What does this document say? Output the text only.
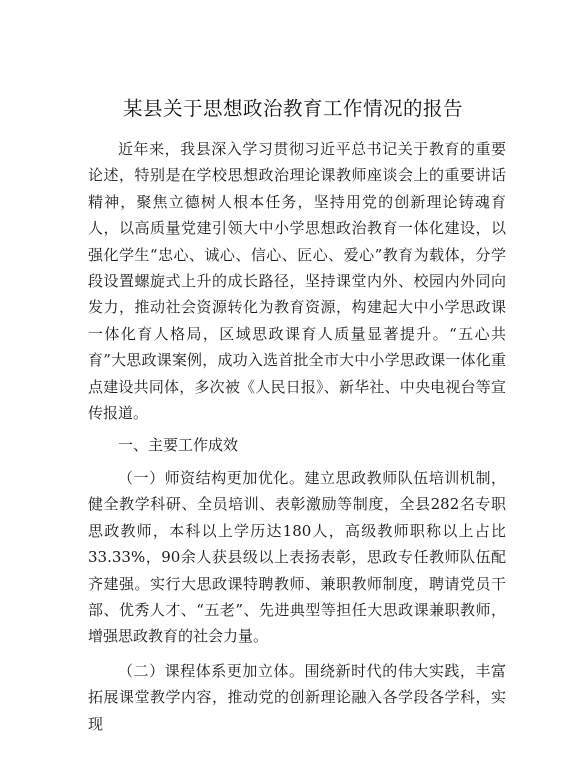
某县关于思想政治教育工作情况的报告

近年来，我县深入学习贯彻习近平总书记关于教育的重要论述，特别是在学校思想政治理论课教师座谈会上的重要讲话精神，聚焦立德树人根本任务，坚持用党的创新理论铸魂育人，以高质量党建引领大中小学思想政治教育一体化建设，以强化学生“忠心、诚心、信心、匠心、爱心”教育为载体，分学段设置螺旋式上升的成长路径，坚持课堂内外、校园内外同向发力，推动社会资源转化为教育资源，构建起大中小学思政课一体化育人格局，区域思政课育人质量显著提升。“五心共育”大思政课案例，成功入选首批全市大中小学思政课一体化重点建设共同体，多次被《人民日报》、新华社、中央电视台等宣传报道。

一、主要工作成效

（一）师资结构更加优化。建立思政教师队伍培训机制，健全教学科研、全员培训、表彰激励等制度，全县282名专职思政教师，本科以上学历达180人，高级教师职称以上占比33.33%，90余人获县级以上表扬表彰，思政专任教师队伍配齐建强。实行大思政课特聘教师、兼职教师制度，聘请党员干部、优秀人才、“五老”、先进典型等担任大思政课兼职教师，增强思政教育的社会力量。

（二）课程体系更加立体。围绕新时代的伟大实践，丰富拓展课堂教学内容，推动党的创新理论融入各学段各学科，实现
